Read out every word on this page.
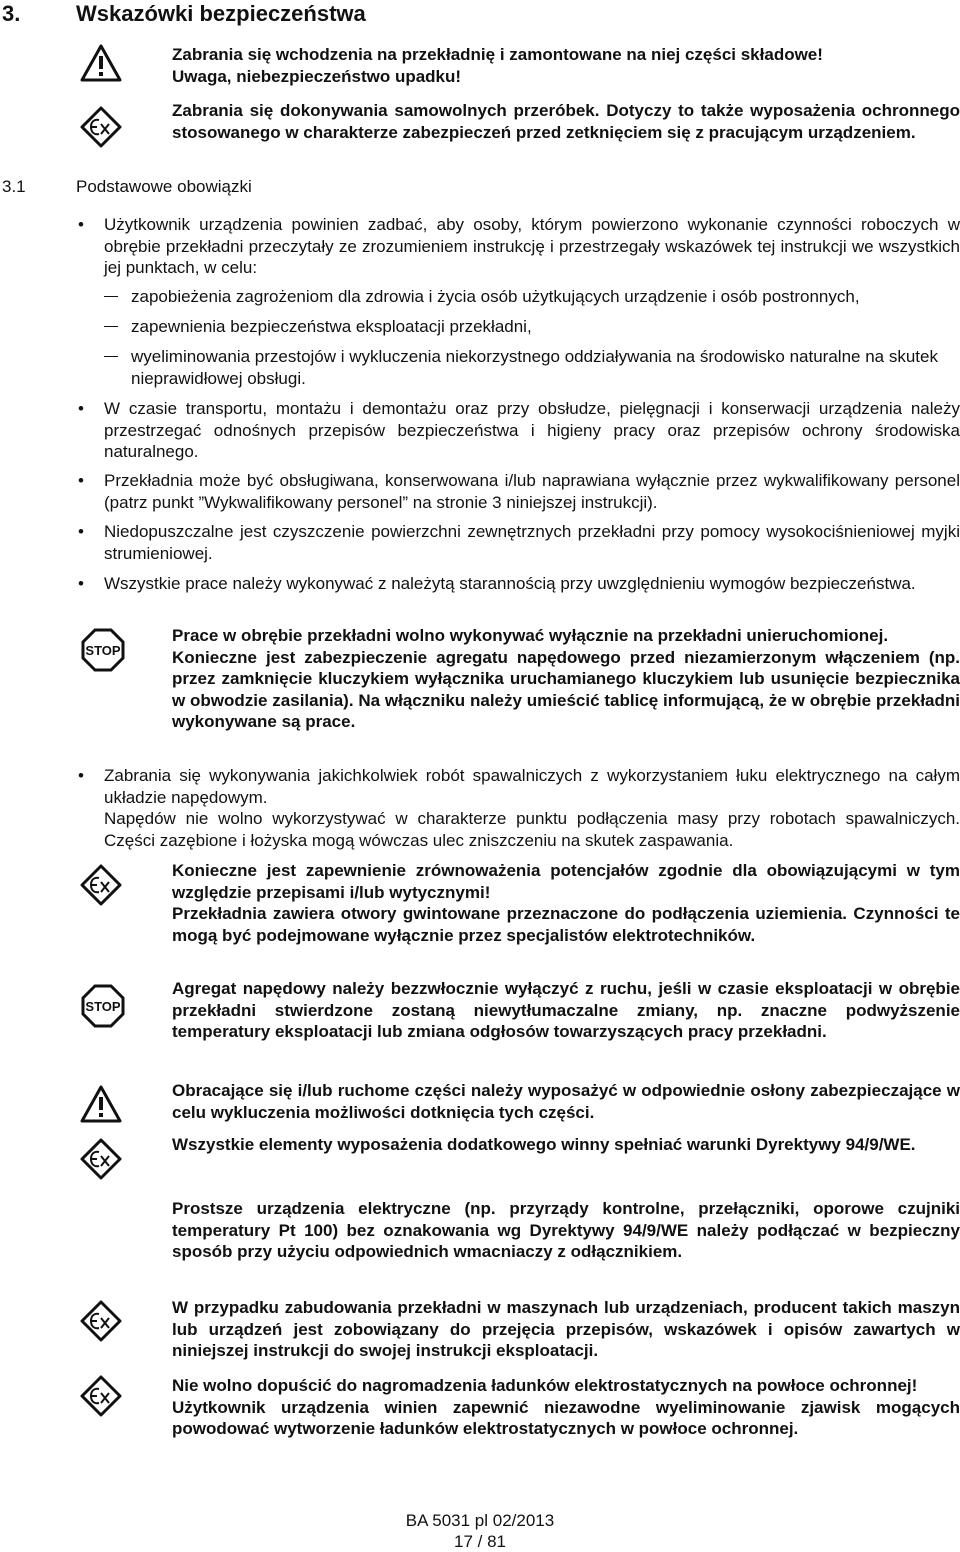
3.	Wskazówki bezpieczeństwa
3.1	Podstawowe obowiązki
STOP
STOP

Zabrania się wchodzenia na przekładnię i zamontowane na niej części składowe!

Uwaga, niebezpieczeństwo upadku!

Zabrania się dokonywania samowolnych przeróbek. Dotyczy to także wyposażenia ochronnego stosowanego w charakterze zabezpieczeń przed zetknięciem się z pracującym urządzeniem.

• Użytkownik urządzenia powinien zadbać, aby osoby, którym powierzono wykonanie czynności roboczych w obrębie przekładni przeczytały ze zrozumieniem instrukcję i przestrzegały wskazówek tej instrukcji we wszystkich jej punktach, w celu:

zapobieżenia zagrożeniom dla zdrowia i życia osób użytkujących urządzenie i osób postronnych,

zapewnienia bezpieczeństwa eksploatacji przekładni,

wyeliminowania przestojów i wykluczenia niekorzystnego oddziaływania na środowisko naturalne na skutek nieprawidłowej obsługi.

• W czasie transportu, montażu i demontażu oraz przy obsłudze, pielęgnacji i konserwacji urządzenia należy przestrzegać odnośnych przepisów bezpieczeństwa i higieny pracy oraz przepisów ochrony środowiska naturalnego.

• Przekładnia może być obsługiwana, konserwowana i/lub naprawiana wyłącznie przez wykwalifikowany personel (patrz punkt ”Wykwalifikowany personel” na stronie 3 niniejszej instrukcji).

• Niedopuszczalne jest czyszczenie powierzchni zewnętrznych przekładni przy pomocy wysokociśnieniowej myjki strumieniowej.

• Wszystkie prace należy wykonywać z należytą starannością przy uwzględnieniu wymogów bezpieczeństwa.

Prace w obrębie przekładni wolno wykonywać wyłącznie na przekładni unieruchomionej.

Konieczne jest zabezpieczenie agregatu napędowego przed niezamierzonym włączeniem (np. przez zamknięcie kluczykiem wyłącznika uruchamianego kluczykiem lub usunięcie bezpiecznika w obwodzie zasilania). Na włączniku należy umieścić tablicę informującą, że w obrębie przekładni wykonywane są prace.

• Zabrania się wykonywania jakichkolwiek robót spawalniczych z wykorzystaniem łuku elektrycznego na całym układzie napędowym.

Napędów nie wolno wykorzystywać w charakterze punktu podłączenia masy przy robotach spawalniczych. Części zazębione i łożyska mogą wówczas ulec zniszczeniu na skutek zaspawania.

Konieczne jest zapewnienie zrównoważenia potencjałów zgodnie dla obowiązującymi w tym względzie przepisami i/lub wytycznymi!

Przekładnia zawiera otwory gwintowane przeznaczone do podłączenia uziemienia. Czynności te mogą być podejmowane wyłącznie przez specjalistów elektrotechników.

Agregat napędowy należy bezzwłocznie wyłączyć z ruchu, jeśli w czasie eksploatacji w obrębie przekładni stwierdzone zostaną niewytłumaczalne zmiany, np. znaczne podwyższenie temperatury eksploatacji lub zmiana odgłosów towarzyszących pracy przekładni.

Obracające się i/lub ruchome części należy wyposażyć w odpowiednie osłony zabezpieczające w celu wykluczenia możliwości dotknięcia tych części.

Wszystkie elementy wyposażenia dodatkowego winny spełniać warunki Dyrektywy 94/9/WE.

Prostsze urządzenia elektryczne (np. przyrządy kontrolne, przełączniki, oporowe czujniki temperatury Pt 100) bez oznakowania wg Dyrektywy 94/9/WE należy podłączać w bezpieczny sposób przy użyciu odpowiednich wmacniaczy z odłącznikiem.

W przypadku zabudowania przekładni w maszynach lub urządzeniach, producent takich maszyn lub urządzeń jest zobowiązany do przejęcia przepisów, wskazówek i opisów zawartych w niniejszej instrukcji do swojej instrukcji eksploatacji.

Nie wolno dopuścić do nagromadzenia ładunków elektrostatycznych na powłoce ochronnej!

Użytkownik urządzenia winien zapewnić niezawodne wyeliminowanie zjawisk mogących powodować wytworzenie ładunków elektrostatycznych w powłoce ochronnej.

BA 5031 pl 02/2013

17 / 81
